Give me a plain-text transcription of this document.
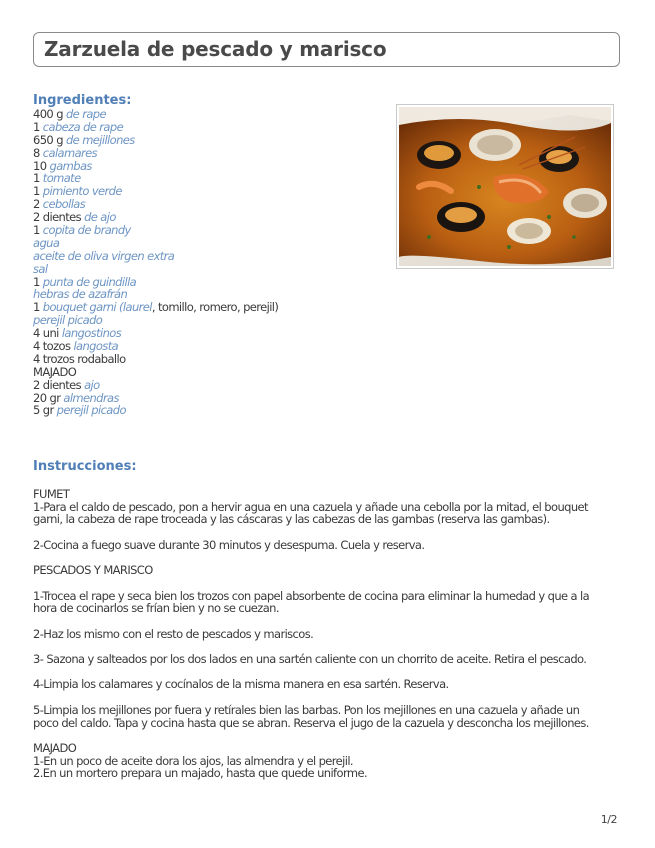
Zarzuela de pescado y marisco
Ingredientes:
400 g de rape
1 cabeza de rape
650 g de mejillones
8 calamares
10 gambas
1 tomate
1 pimiento verde
2 cebollas
2 dientes de ajo
1 copita de brandy
agua
aceite de oliva virgen extra
sal
1 punta de guindilla
hebras de azafrán
1 bouquet garni (laurel, tomillo, romero, perejil)
perejil picado
4 uni langostinos
4 tozos langosta
4 trozos rodaballo
MAJADO
2 dientes ajo
20 gr almendras
5 gr perejil picado
Instrucciones:

FUMET

1-Para el caldo de pescado, pon a hervir agua en una cazuela y añade una cebolla por la mitad, el bouquet garni, la cabeza de rape troceada y las cáscaras y las cabezas de las gambas (reserva las gambas).

2-Cocina a fuego suave durante 30 minutos y desespuma. Cuela y reserva.

PESCADOS Y MARISCO

1-Trocea el rape y seca bien los trozos con papel absorbente de cocina para eliminar la humedad y que a la hora de cocinarlos se frían bien y no se cuezan.

2-Haz los mismo con el resto de pescados y mariscos.

3- Sazona y salteados por los dos lados en una sartén caliente con un chorrito de aceite. Retira el pescado.

4-Limpia los calamares y cocínalos de la misma manera en esa sartén. Reserva.

5-Limpia los mejillones por fuera y retírales bien las barbas. Pon los mejillones en una cazuela y añade un poco del caldo. Tapa y cocina hasta que se abran. Reserva el jugo de la cazuela y desconcha los mejillones.

MAJADO

1-En un poco de aceite dora los ajos, las almendra y el perejil.

2.En un mortero prepara un majado, hasta que quede uniforme.

1/2
